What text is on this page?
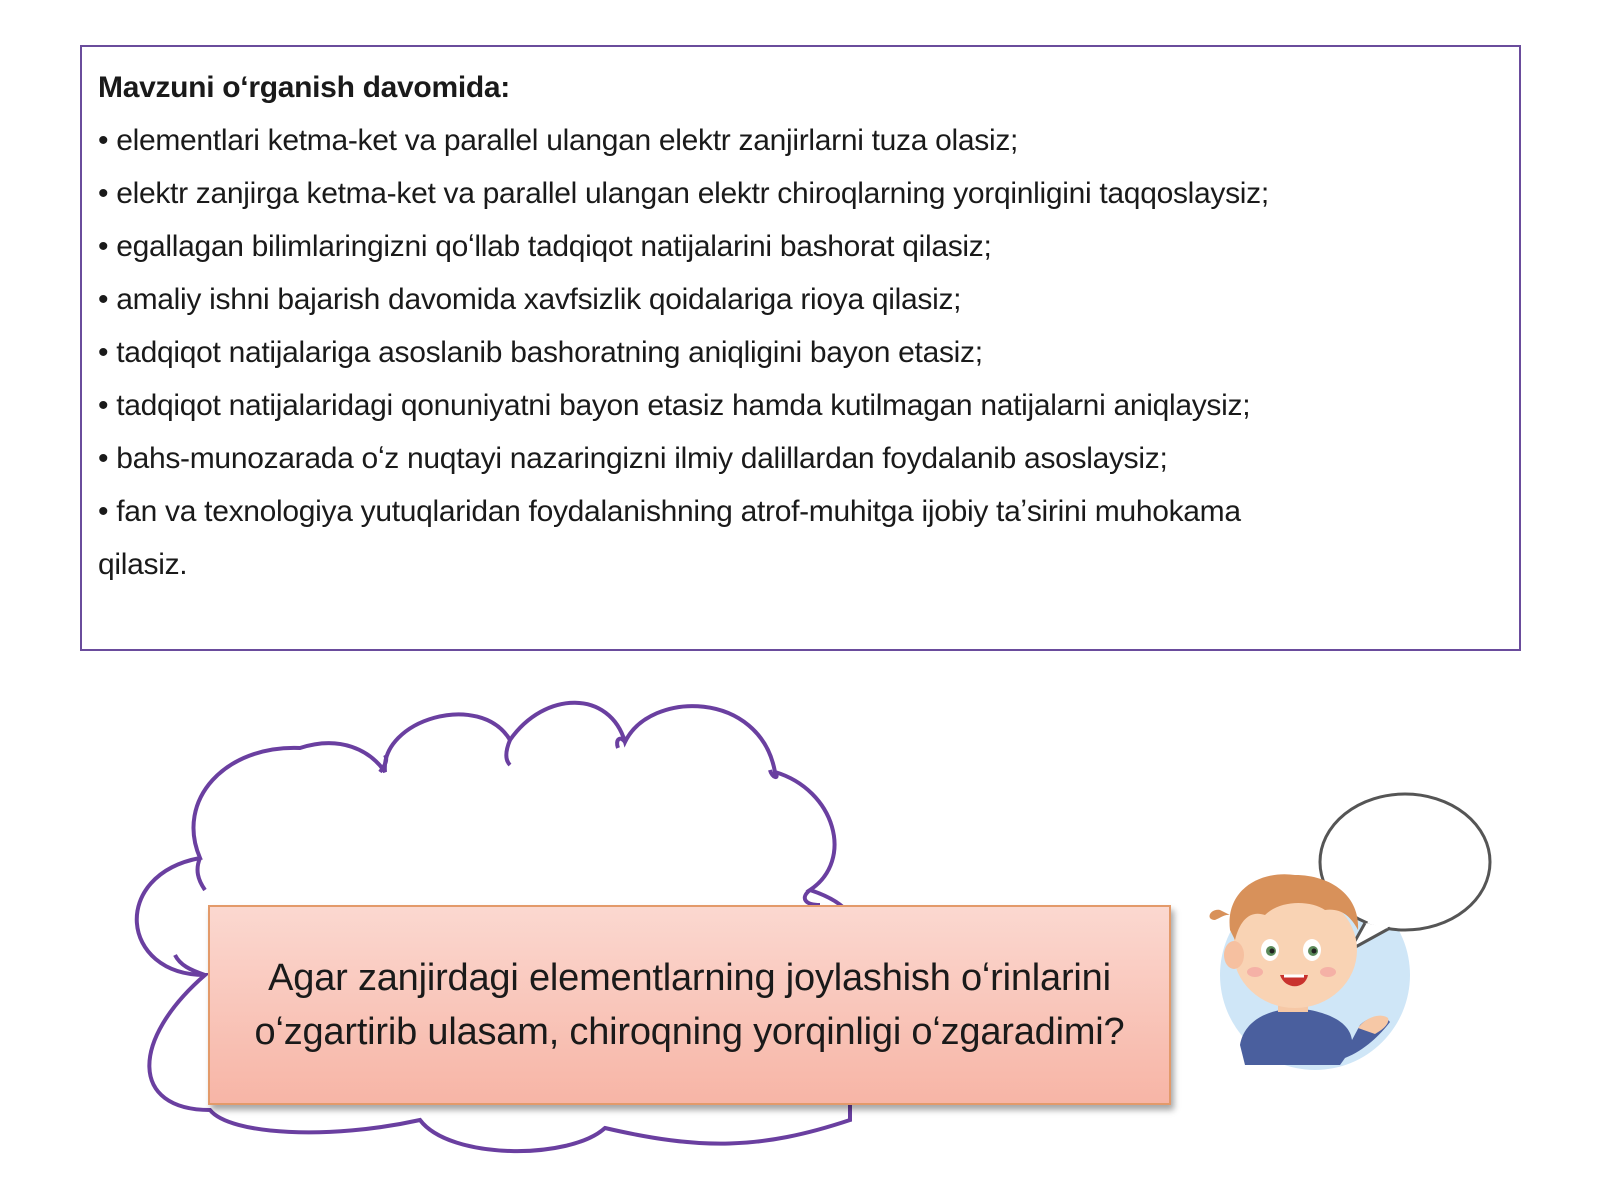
Mavzuni oʻrganish davomida:

• elementlari ketma-ket va parallel ulangan elektr zanjirlarni tuza olasiz;
• elektr zanjirga ketma-ket va parallel ulangan elektr chiroqlarning yorqinligini taqqoslaysiz;
• egallagan bilimlaringizni qoʻllab tadqiqot natijalarini bashorat qilasiz;
• amaliy ishni bajarish davomida xavfsizlik qoidalariga rioya qilasiz;
• tadqiqot natijalariga asoslanib bashoratning aniqligini bayon etasiz;
• tadqiqot natijalaridagi qonuniyatni bayon etasiz hamda kutilmagan natijalarni aniqlaysiz;
• bahs-munozarada oʻz nuqtayi nazaringizni ilmiy dalillardan foydalanib asoslaysiz;
• fan va texnologiya yutuqlaridan foydalanishning atrof-muhitga ijobiy taʼsirini muhokama qilasiz.
Agar zanjirdagi elementlarning joylashish oʻrinlarini oʻzgartirib ulasam, chiroqning yorqinligi oʻzgaradimi?
